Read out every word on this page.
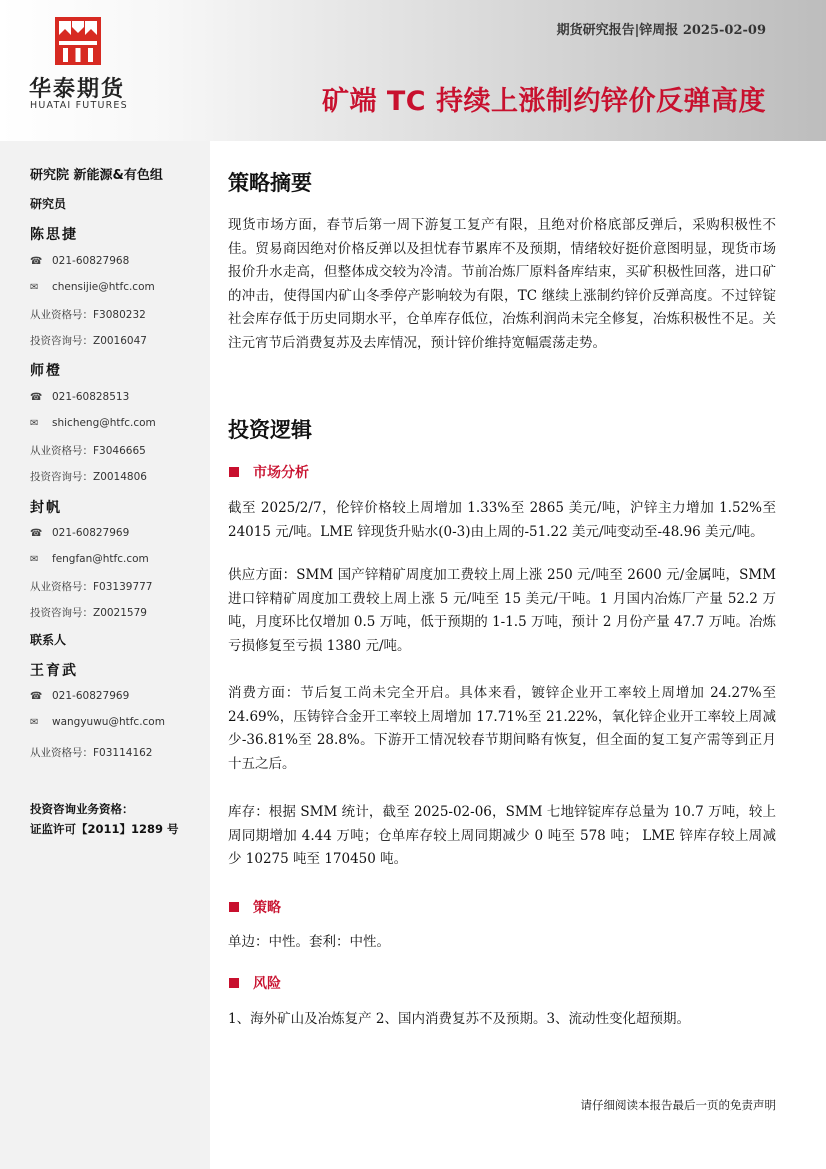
华泰期货
HUATAI FUTURES
期货研究报告|锌周报 2025-02-09
矿端 TC 持续上涨制约锌价反弹高度
研究院 新能源&有色组
研究员
陈思捷
☎ 021-60827968
✉ chensijie@htfc.com
从业资格号：F3080232
投资咨询号：Z0016047
师橙
☎ 021-60828513
✉ shicheng@htfc.com
从业资格号：F3046665
投资咨询号：Z0014806
封帆
☎ 021-60827969
✉ fengfan@htfc.com
从业资格号：F03139777
投资咨询号：Z0021579
联系人
王育武
☎ 021-60827969
✉ wangyuwu@htfc.com
从业资格号：F03114162
投资咨询业务资格：
证监许可【2011】1289 号
策略摘要
现货市场方面，春节后第一周下游复工复产有限，且绝对价格底部反弹后，采购积极性不佳。贸易商因绝对价格反弹以及担忧春节累库不及预期，情绪较好挺价意图明显，现货市场报价升水走高，但整体成交较为冷清。节前冶炼厂原料备库结束，买矿积极性回落，进口矿的冲击，使得国内矿山冬季停产影响较为有限，TC 继续上涨制约锌价反弹高度。不过锌锭社会库存低于历史同期水平，仓单库存低位，冶炼利润尚未完全修复，冶炼积极性不足。关注元宵节后消费复苏及去库情况，预计锌价维持宽幅震荡走势。
投资逻辑
市场分析
截至 2025/2/7，伦锌价格较上周增加 1.33%至 2865 美元/吨，沪锌主力增加 1.52%至 24015 元/吨。LME 锌现货升贴水(0-3)由上周的-51.22 美元/吨变动至-48.96 美元/吨。
供应方面：SMM 国产锌精矿周度加工费较上周上涨 250 元/吨至 2600 元/金属吨，SMM 进口锌精矿周度加工费较上周上涨 5 元/吨至 15 美元/干吨。1 月国内冶炼厂产量 52.2 万吨，月度环比仅增加 0.5 万吨，低于预期的 1-1.5 万吨，预计 2 月份产量 47.7 万吨。冶炼亏损修复至亏损 1380 元/吨。
消费方面：节后复工尚未完全开启。具体来看，镀锌企业开工率较上周增加 24.27%至 24.69%，压铸锌合金开工率较上周增加 17.71%至 21.22%，氧化锌企业开工率较上周减少-36.81%至 28.8%。下游开工情况较春节期间略有恢复，但全面的复工复产需等到正月十五之后。
库存：根据 SMM 统计，截至 2025-02-06，SMM 七地锌锭库存总量为 10.7 万吨，较上周同期增加 4.44 万吨；仓单库存较上周同期减少 0 吨至 578 吨； LME 锌库存较上周减少 10275 吨至 170450 吨。
策略
单边：中性。套利：中性。
风险
1、海外矿山及冶炼复产 2、国内消费复苏不及预期。3、流动性变化超预期。
请仔细阅读本报告最后一页的免责声明
